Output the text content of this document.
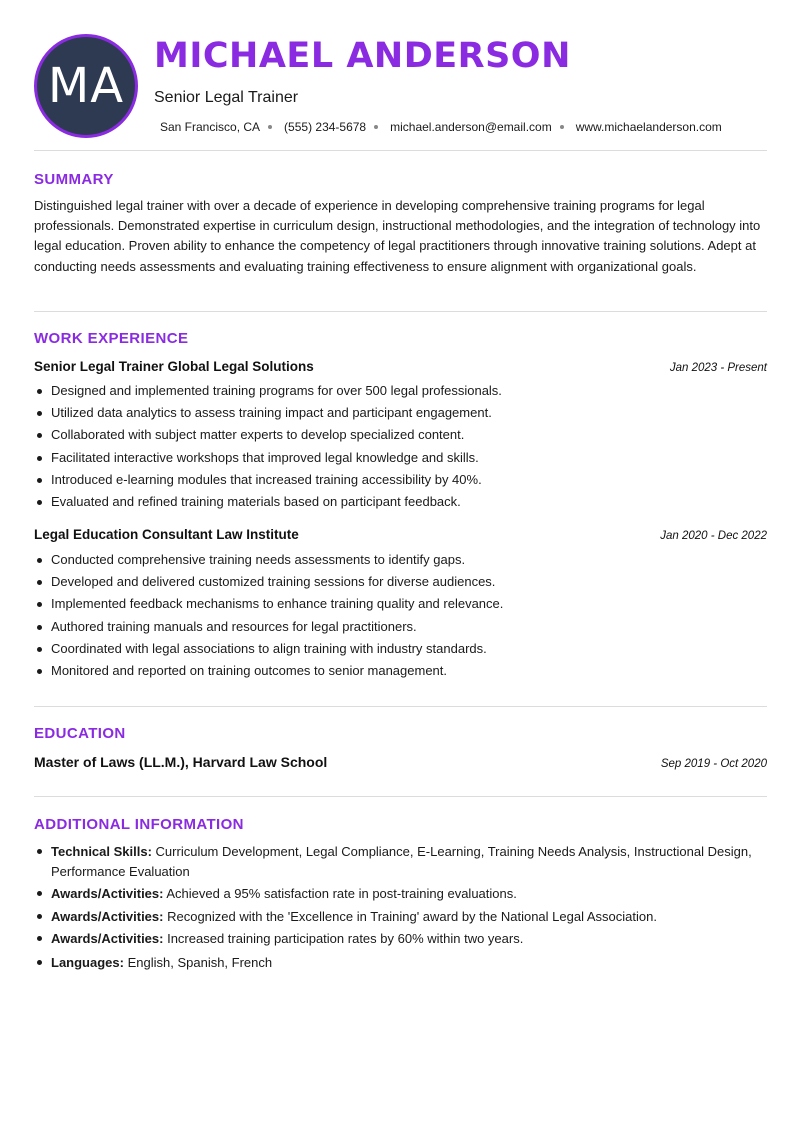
MA
MICHAEL ANDERSON
Senior Legal Trainer
San Francisco, CA (555) 234-5678 michael.anderson@email.com www.michaelanderson.com
SUMMARY
Distinguished legal trainer with over a decade of experience in developing comprehensive training programs for legal professionals. Demonstrated expertise in curriculum design, instructional methodologies, and the integration of technology into legal education. Proven ability to enhance the competency of legal practitioners through innovative training solutions. Adept at conducting needs assessments and evaluating training effectiveness to ensure alignment with organizational goals.
WORK EXPERIENCE
Senior Legal Trainer Global Legal Solutions	Jan 2023 - Present
Designed and implemented training programs for over 500 legal professionals.
Utilized data analytics to assess training impact and participant engagement.
Collaborated with subject matter experts to develop specialized content.
Facilitated interactive workshops that improved legal knowledge and skills.
Introduced e-learning modules that increased training accessibility by 40%.
Evaluated and refined training materials based on participant feedback.
Legal Education Consultant Law Institute	Jan 2020 - Dec 2022
Conducted comprehensive training needs assessments to identify gaps.
Developed and delivered customized training sessions for diverse audiences.
Implemented feedback mechanisms to enhance training quality and relevance.
Authored training manuals and resources for legal practitioners.
Coordinated with legal associations to align training with industry standards.
Monitored and reported on training outcomes to senior management.
EDUCATION
Master of Laws (LL.M.), Harvard Law School	Sep 2019 - Oct 2020
ADDITIONAL INFORMATION
Technical Skills: Curriculum Development, Legal Compliance, E-Learning, Training Needs Analysis, Instructional Design, Performance Evaluation
Awards/Activities: Achieved a 95% satisfaction rate in post-training evaluations.
Awards/Activities: Recognized with the 'Excellence in Training' award by the National Legal Association.
Awards/Activities: Increased training participation rates by 60% within two years.
Languages: English, Spanish, French
